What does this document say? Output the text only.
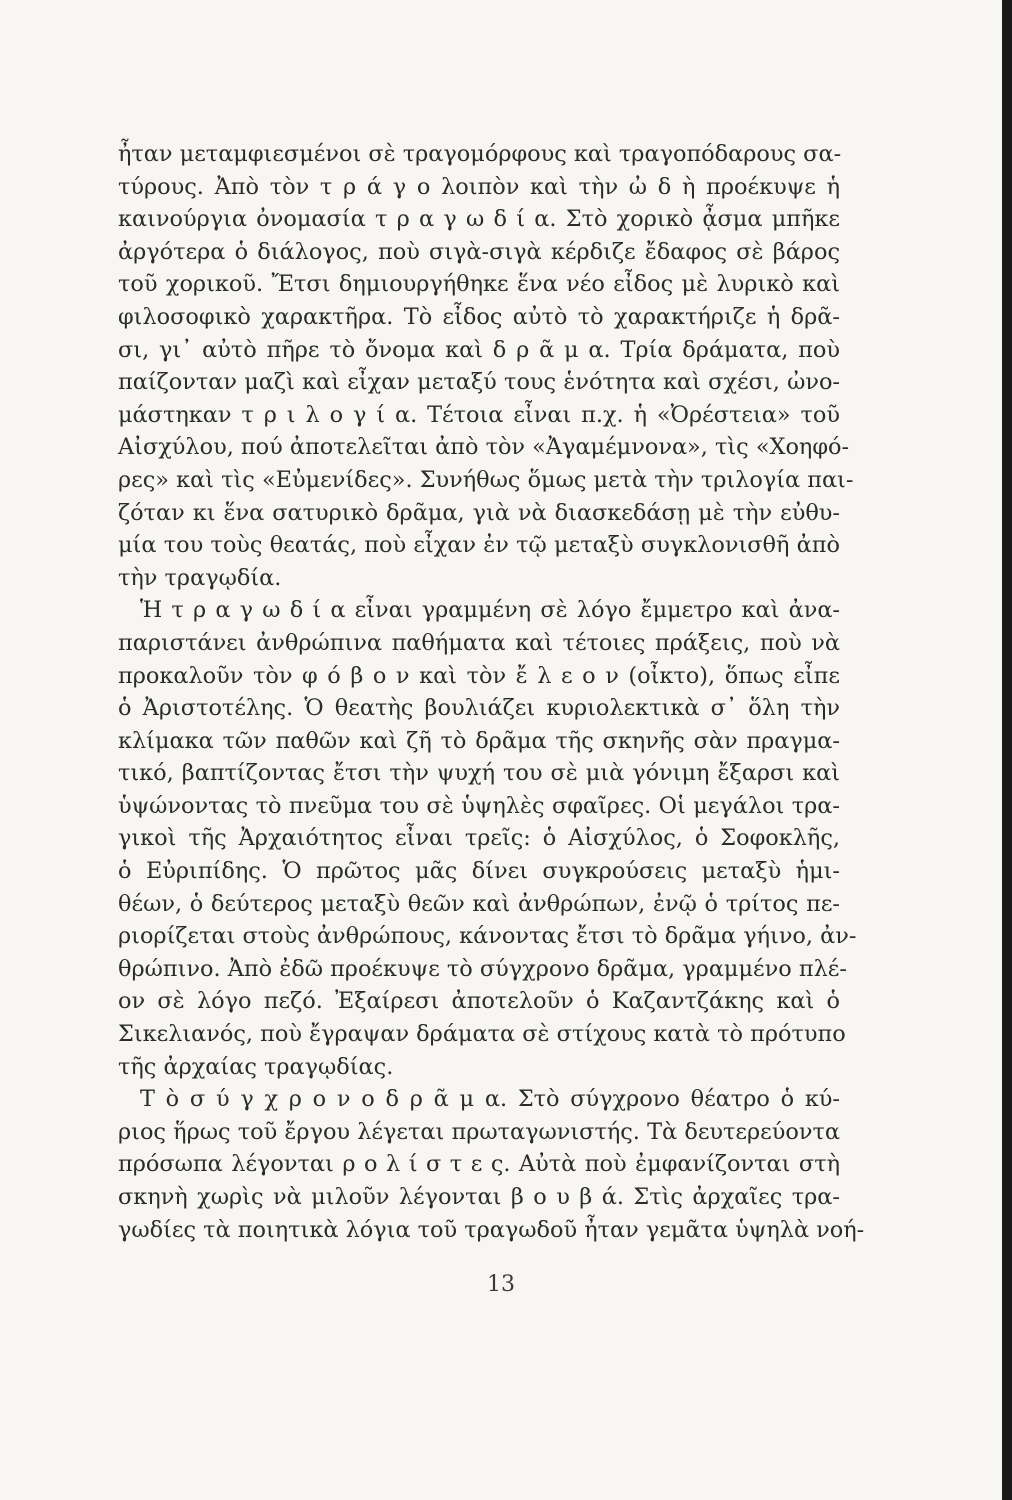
ἦταν μεταμφιεσμένοι σὲ τραγομόρφους καὶ τραγοπόδαρους σα-
τύρους. Ἀπὸ τὸν τ ρ ά γ ο λοιπὸν καὶ τὴν ὠ δ ὴ προέκυψε ἡ
καινούργια ὀνομασία τ ρ α γ ω δ ί α. Στὸ χορικὸ ᾆσμα μπῆκε
ἀργότερα ὁ διάλογος, ποὺ σιγὰ-σιγὰ κέρδιζε ἔδαφος σὲ βάρος
τοῦ χορικοῦ. Ἔτσι δημιουργήθηκε ἕνα νέο εἶδος μὲ λυρικὸ καὶ
φιλοσοφικὸ χαρακτῆρα. Τὸ εἶδος αὐτὸ τὸ χαρακτήριζε ἡ δρᾶ-
σι, γι᾽ αὐτὸ πῆρε τὸ ὄνομα καὶ δ ρ ᾶ μ α. Τρία δράματα, ποὺ
παίζονταν μαζὶ καὶ εἶχαν μεταξύ τους ἑνότητα καὶ σχέσι, ὠνο-
μάστηκαν τ ρ ι λ ο γ ί α. Τέτοια εἶναι π.χ. ἡ «Ὀρέστεια» τοῦ
Αἰσχύλου, πού ἀποτελεῖται ἀπὸ τὸν «Ἀγαμέμνονα», τὶς «Χοηφό-
ρες» καὶ τὶς «Εὐμενίδες». Συνήθως ὅμως μετὰ τὴν τριλογία παι-
ζόταν κι ἕνα σατυρικὸ δρᾶμα, γιὰ νὰ διασκεδάσῃ μὲ τὴν εὐθυ-
μία του τοὺς θεατάς, ποὺ εἶχαν ἐν τῷ μεταξὺ συγκλονισθῆ ἀπὸ
τὴν τραγῳδία.
Ἡ τ ρ α γ ω δ ί α εἶναι γραμμένη σὲ λόγο ἔμμετρο καὶ ἀνα-
παριστάνει ἀνθρώπινα παθήματα καὶ τέτοιες πράξεις, ποὺ νὰ
προκαλοῦν τὸν φ ό β ο ν καὶ τὸν ἔ λ ε ο ν (οἶκτο), ὅπως εἶπε
ὁ Ἀριστοτέλης. Ὁ θεατὴς βουλιάζει κυριολεκτικὰ σ᾽ ὅλη τὴν
κλίμακα τῶν παθῶν καὶ ζῆ τὸ δρᾶμα τῆς σκηνῆς σὰν πραγμα-
τικό, βαπτίζοντας ἔτσι τὴν ψυχή του σὲ μιὰ γόνιμη ἔξαρσι καὶ
ὑψώνοντας τὸ πνεῦμα του σὲ ὑψηλὲς σφαῖρες. Οἱ μεγάλοι τρα-
γικοὶ τῆς Ἀρχαιότητος εἶναι τρεῖς: ὁ Αἰσχύλος, ὁ Σοφοκλῆς,
ὁ Εὐριπίδης. Ὁ πρῶτος μᾶς δίνει συγκρούσεις μεταξὺ ἡμι-
θέων, ὁ δεύτερος μεταξὺ θεῶν καὶ ἀνθρώπων, ἐνῷ ὁ τρίτος πε-
ριορίζεται στοὺς ἀνθρώπους, κάνοντας ἔτσι τὸ δρᾶμα γήινο, ἀν-
θρώπινο. Ἀπὸ ἐδῶ προέκυψε τὸ σύγχρονο δρᾶμα, γραμμένο πλέ-
ον σὲ λόγο πεζό. Ἐξαίρεσι ἀποτελοῦν ὁ Καζαντζάκης καὶ ὁ
Σικελιανός, ποὺ ἔγραψαν δράματα σὲ στίχους κατὰ τὸ πρότυπο
τῆς ἀρχαίας τραγῳδίας.
Τ ὸ σ ύ γ χ ρ ο ν ο δ ρ ᾶ μ α. Στὸ σύγχρονο θέατρο ὁ κύ-
ριος ἥρως τοῦ ἔργου λέγεται πρωταγωνιστής. Τὰ δευτερεύοντα
πρόσωπα λέγονται ρ ο λ ί σ τ ε ς. Αὐτὰ ποὺ ἐμφανίζονται στὴ
σκηνὴ χωρὶς νὰ μιλοῦν λέγονται β ο υ β ά. Στὶς ἀρχαῖες τρα-
γωδίες τὰ ποιητικὰ λόγια τοῦ τραγωδοῦ ἦταν γεμᾶτα ὑψηλὰ νοή-
13
